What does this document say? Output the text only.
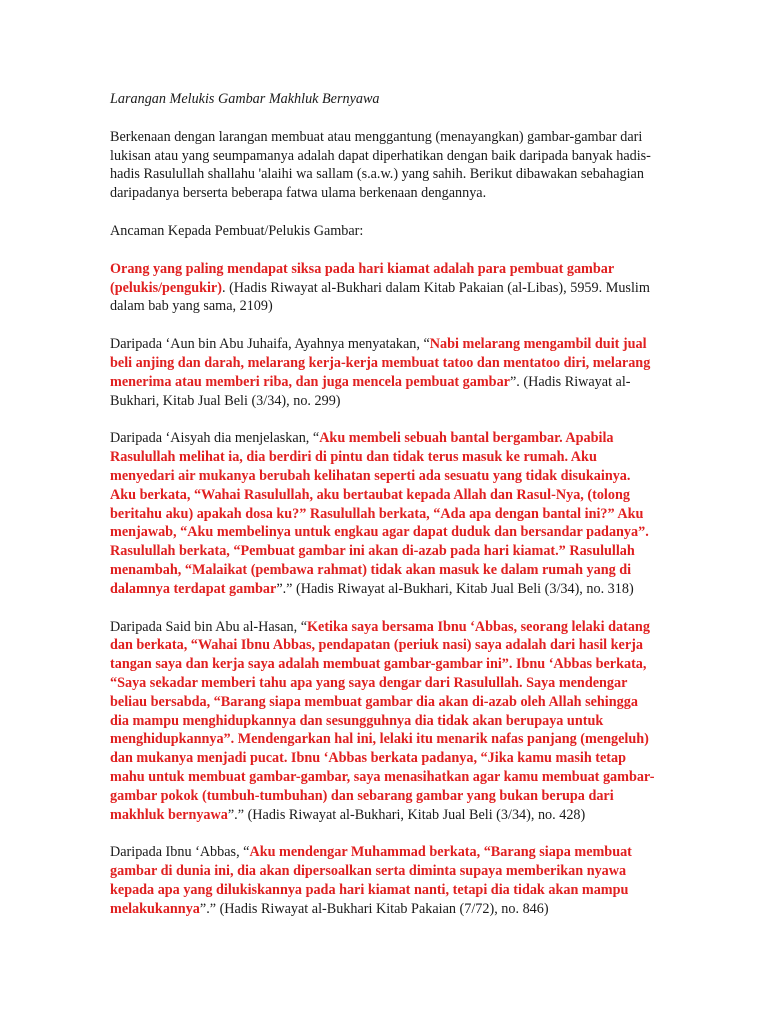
Larangan Melukis Gambar Makhluk Bernyawa

Berkenaan dengan larangan membuat atau menggantung (menayangkan) gambar-gambar dari lukisan atau yang seumpamanya adalah dapat diperhatikan dengan baik daripada banyak hadis-hadis Rasulullah shallahu 'alaihi wa sallam (s.a.w.) yang sahih. Berikut dibawakan sebahagian daripadanya berserta beberapa fatwa ulama berkenaan dengannya.

Ancaman Kepada Pembuat/Pelukis Gambar:

Orang yang paling mendapat siksa pada hari kiamat adalah para pembuat gambar (pelukis/pengukir). (Hadis Riwayat al-Bukhari dalam Kitab Pakaian (al-Libas), 5959. Muslim dalam bab yang sama, 2109)

Daripada ‘Aun bin Abu Juhaifa, Ayahnya menyatakan, “Nabi melarang mengambil duit jual beli anjing dan darah, melarang kerja-kerja membuat tatoo dan mentatoo diri, melarang menerima atau memberi riba, dan juga mencela pembuat gambar”. (Hadis Riwayat al-Bukhari, Kitab Jual Beli (3/34), no. 299)

Daripada ‘Aisyah dia menjelaskan, “Aku membeli sebuah bantal bergambar. Apabila Rasulullah melihat ia, dia berdiri di pintu dan tidak terus masuk ke rumah. Aku menyedari air mukanya berubah kelihatan seperti ada sesuatu yang tidak disukainya. Aku berkata, “Wahai Rasulullah, aku bertaubat kepada Allah dan Rasul-Nya, (tolong beritahu aku) apakah dosa ku?” Rasulullah berkata, “Ada apa dengan bantal ini?” Aku menjawab, “Aku membelinya untuk engkau agar dapat duduk dan bersandar padanya”. Rasulullah berkata, “Pembuat gambar ini akan di-azab pada hari kiamat.” Rasulullah menambah, “Malaikat (pembawa rahmat) tidak akan masuk ke dalam rumah yang di dalamnya terdapat gambar”.” (Hadis Riwayat al-Bukhari, Kitab Jual Beli (3/34), no. 318)

Daripada Said bin Abu al-Hasan, “Ketika saya bersama Ibnu ‘Abbas, seorang lelaki datang dan berkata, “Wahai Ibnu Abbas, pendapatan (periuk nasi) saya adalah dari hasil kerja tangan saya dan kerja saya adalah membuat gambar-gambar ini”. Ibnu ‘Abbas berkata, “Saya sekadar memberi tahu apa yang saya dengar dari Rasulullah. Saya mendengar beliau bersabda, “Barang siapa membuat gambar dia akan di-azab oleh Allah sehingga dia mampu menghidupkannya dan sesungguhnya dia tidak akan berupaya untuk menghidupkannya”. Mendengarkan hal ini, lelaki itu menarik nafas panjang (mengeluh) dan mukanya menjadi pucat. Ibnu ‘Abbas berkata padanya, “Jika kamu masih tetap mahu untuk membuat gambar-gambar, saya menasihatkan agar kamu membuat gambar-gambar pokok (tumbuh-tumbuhan) dan sebarang gambar yang bukan berupa dari makhluk bernyawa”.” (Hadis Riwayat al-Bukhari, Kitab Jual Beli (3/34), no. 428)

Daripada Ibnu ‘Abbas, “Aku mendengar Muhammad berkata, “Barang siapa membuat gambar di dunia ini, dia akan dipersoalkan serta diminta supaya memberikan nyawa kepada apa yang dilukiskannya pada hari kiamat nanti, tetapi dia tidak akan mampu melakukannya”.” (Hadis Riwayat al-Bukhari Kitab Pakaian (7/72), no. 846)
